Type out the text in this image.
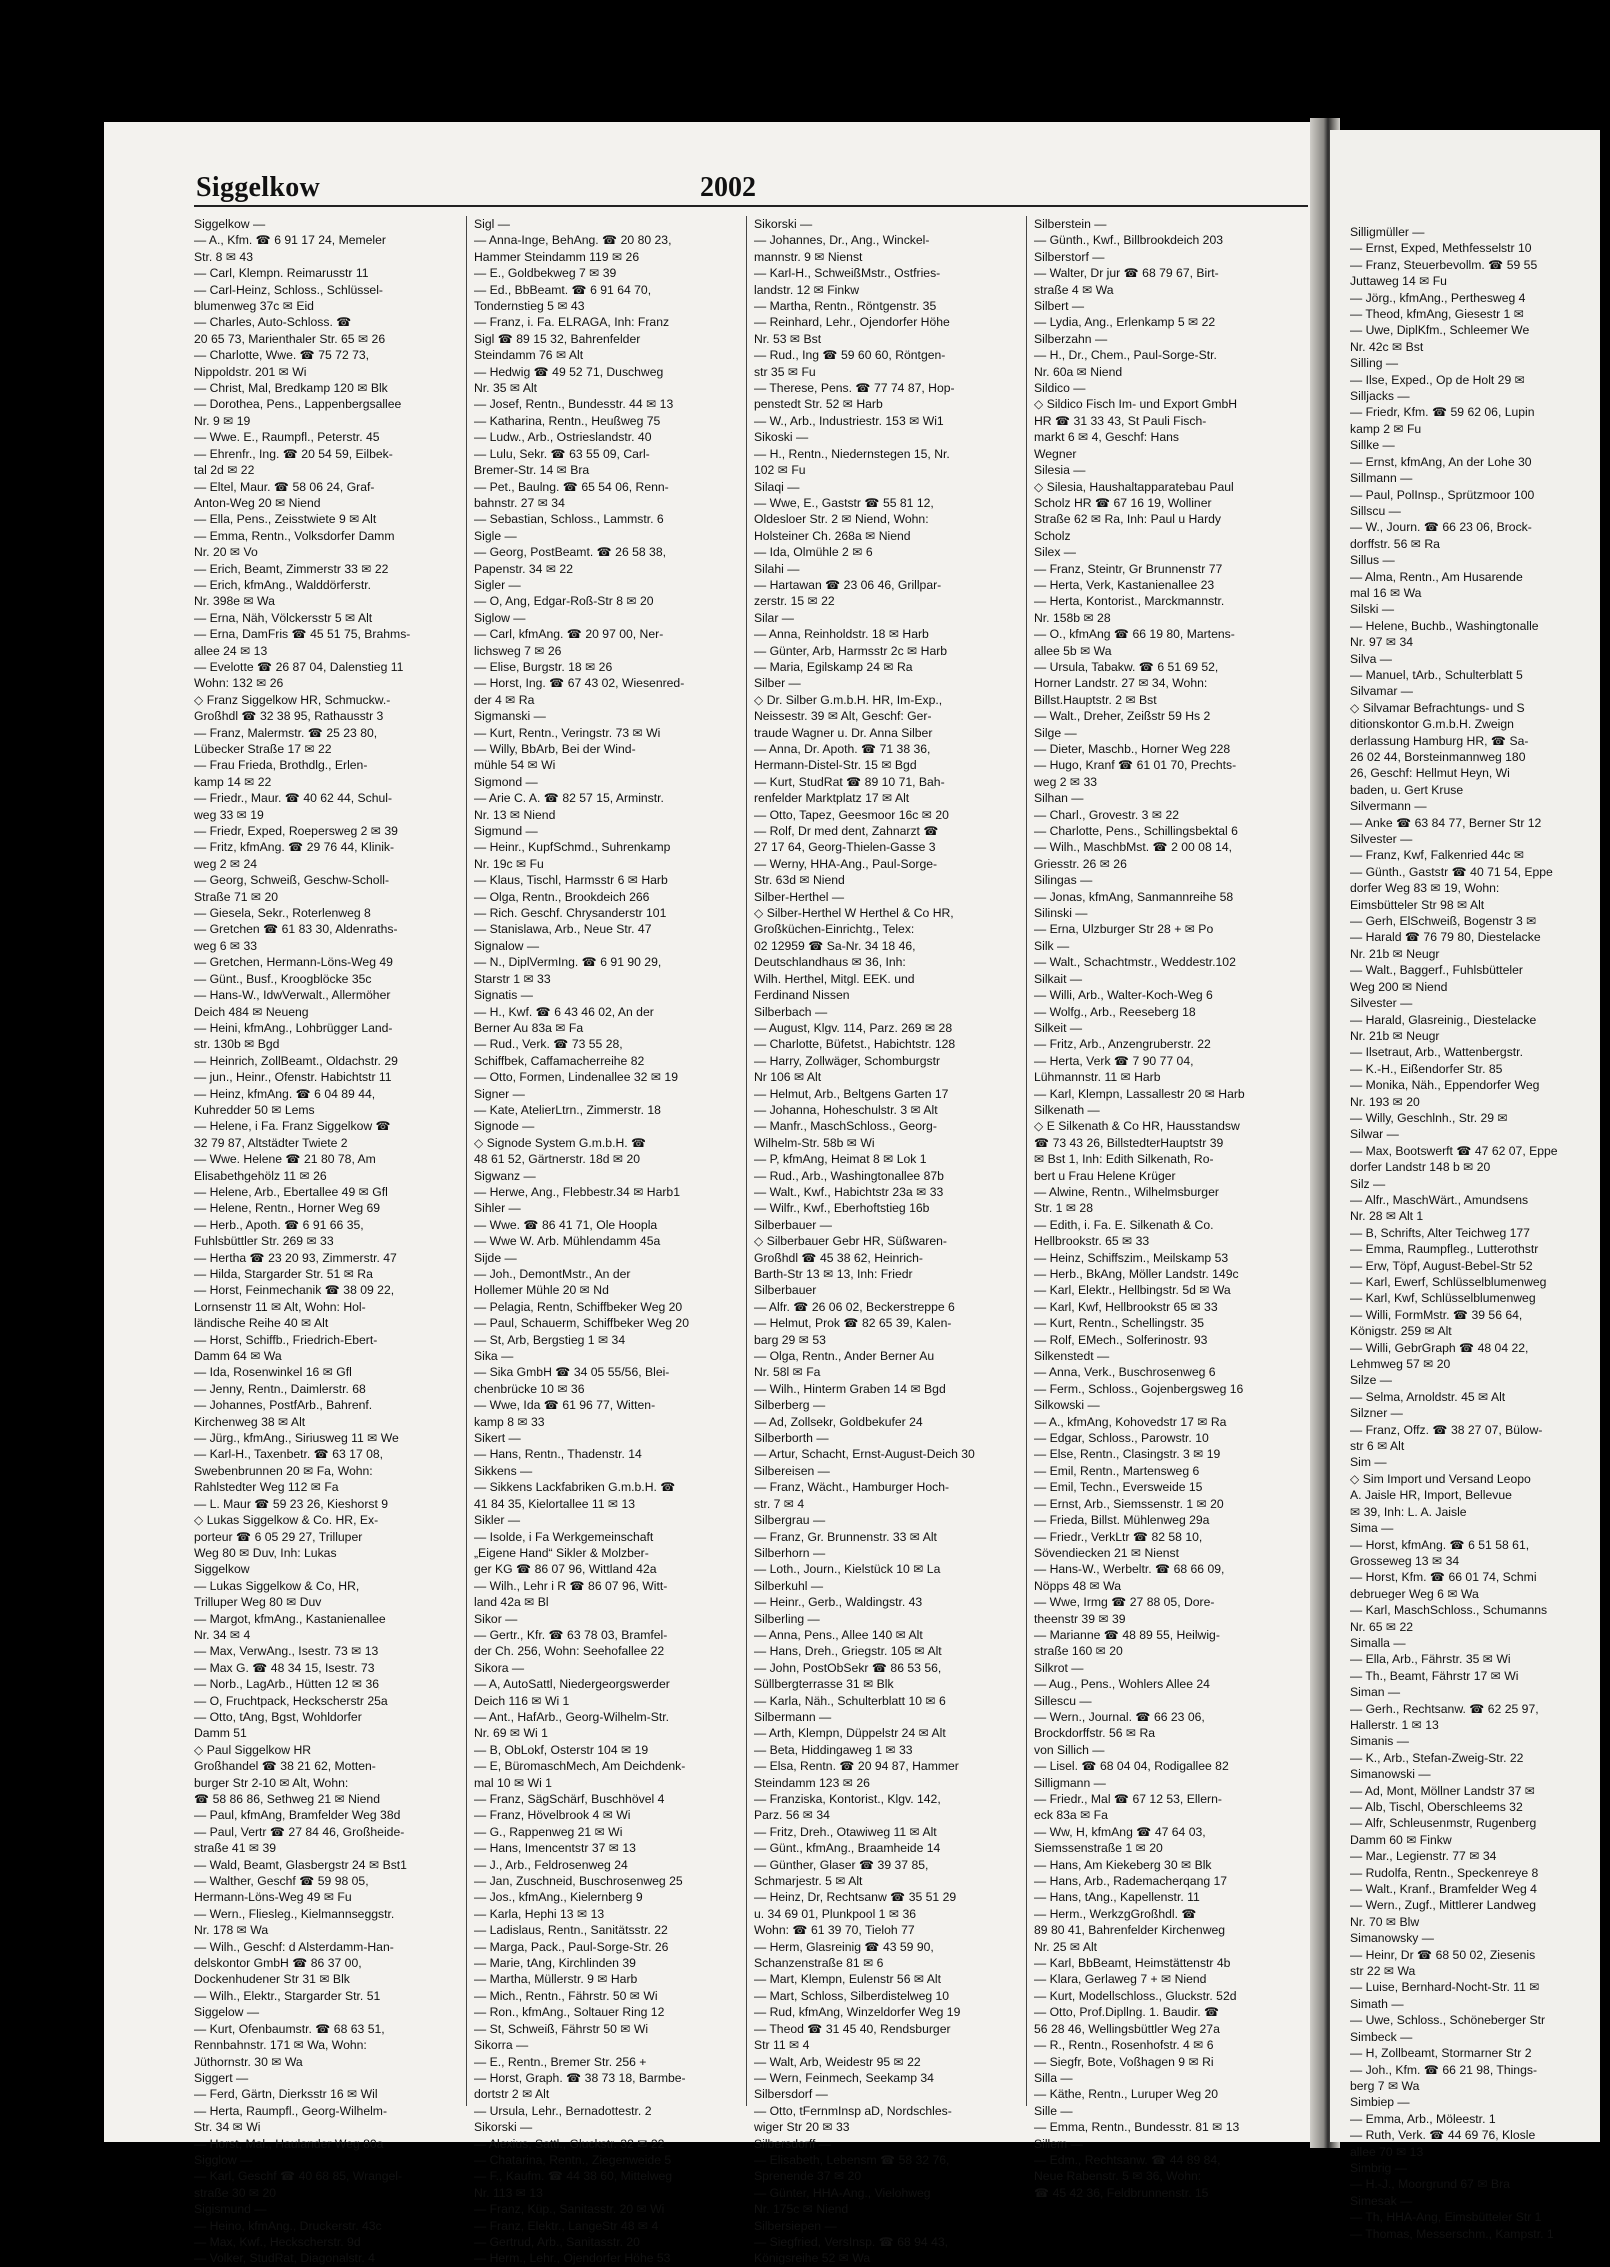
Silligmüller —
— Ernst, Exped, Methfesselstr 10
— Franz, Steuerbevollm. ☎ 59 55
Juttaweg 14 ✉ Fu
— Jörg., kfmAng., Perthesweg 4
— Theod, kfmAng, Giesestr 1 ✉
— Uwe, DiplKfm., Schleemer We
Nr. 42c ✉ Bst
Silling —
— Ilse, Exped., Op de Holt 29 ✉
Silljacks —
— Friedr, Kfm. ☎ 59 62 06, Lupin
kamp 2 ✉ Fu
Sillke —
— Ernst, kfmAng, An der Lohe 30
Sillmann —
— Paul, PolInsp., Sprützmoor 100
Sillscu —
— W., Journ. ☎ 66 23 06, Brock-
dorffstr. 56 ✉ Ra
Sillus —
— Alma, Rentn., Am Husarende
mal 16 ✉ Wa
Silski —
— Helene, Buchb., Washingtonalle
Nr. 97 ✉ 34
Silva —
— Manuel, tArb., Schulterblatt 5
Silvamar —
◇ Silvamar Befrachtungs- und S
ditionskontor G.m.b.H. Zweign
derlassung Hamburg HR, ☎ Sa-
26 02 44, Borsteinmannweg 180
26, Geschf: Hellmut Heyn, Wi
baden, u. Gert Kruse
Silvermann —
— Anke ☎ 63 84 77, Berner Str 12
Silvester —
— Franz, Kwf, Falkenried 44c ✉
— Günth., Gaststr ☎ 40 71 54, Eppe
dorfer Weg 83 ✉ 19, Wohn:
Eimsbütteler Str 98 ✉ Alt
— Gerh, ElSchweiß, Bogenstr 3 ✉
— Harald ☎ 76 79 80, Diestelacke
Nr. 21b ✉ Neugr
— Walt., Baggerf., Fuhlsbütteler
Weg 200 ✉ Niend
Silvester —
— Harald, Glasreinig., Diestelacke
Nr. 21b ✉ Neugr
— Ilsetraut, Arb., Wattenbergstr.
— K.-H., Eißendorfer Str. 85
— Monika, Näh., Eppendorfer Weg
Nr. 193 ✉ 20
— Willy, Geschlnh., Str. 29 ✉
Silwar —
— Max, Bootswerft ☎ 47 62 07, Eppe
dorfer Landstr 148 b ✉ 20
Silz —
— Alfr., MaschWärt., Amundsens
Nr. 28 ✉ Alt 1
— B, Schrifts, Alter Teichweg 177
— Emma, Raumpfleg., Lutterothstr
— Erw, Töpf, August-Bebel-Str 52
— Karl, Ewerf, Schlüsselblumenweg
— Karl, Kwf, Schlüsselblumenweg
— Willi, FormMstr. ☎ 39 56 64,
Königstr. 259 ✉ Alt
— Willi, GebrGraph ☎ 48 04 22,
Lehmweg 57 ✉ 20
Silze —
— Selma, Arnoldstr. 45 ✉ Alt
Silzner —
— Franz, Offz. ☎ 38 27 07, Bülow-
str 6 ✉ Alt
Sim —
◇ Sim Import und Versand Leopo
A. Jaisle HR, Import, Bellevue
✉ 39, Inh: L. A. Jaisle
Sima —
— Horst, kfmAng. ☎ 6 51 58 61,
Grosseweg 13 ✉ 34
— Horst, Kfm. ☎ 66 01 74, Schmi
debrueger Weg 6 ✉ Wa
— Karl, MaschSchloss., Schumanns
Nr. 65 ✉ 22
Simalla —
— Ella, Arb., Fährstr. 35 ✉ Wi
— Th., Beamt, Fährstr 17 ✉ Wi
Siman —
— Gerh., Rechtsanw. ☎ 62 25 97,
Hallerstr. 1 ✉ 13
Simanis —
— K., Arb., Stefan-Zweig-Str. 22
Simanowski —
— Ad, Mont, Möllner Landstr 37 ✉
— Alb, Tischl, Oberschleems 32
— Alfr, Schleusenmstr, Rugenberg
Damm 60 ✉ Finkw
— Mar., Legienstr. 77 ✉ 34
— Rudolfa, Rentn., Speckenreye 8
— Walt., Kranf., Bramfelder Weg 4
— Wern., Zugf., Mittlerer Landweg
Nr. 70 ✉ Blw
Simanowsky —
— Heinr, Dr ☎ 68 50 02, Ziesenis
str 22 ✉ Wa
— Luise, Bernhard-Nocht-Str. 11 ✉
Simath —
— Uwe, Schloss., Schöneberger Str
Simbeck —
— H, Zollbeamt, Stormarner Str 2
— Joh., Kfm. ☎ 66 21 98, Things-
berg 7 ✉ Wa
Simbiep —
— Emma, Arb., Möleestr. 1
— Ruth, Verk. ☎ 44 69 76, Klosle
allee 70 ✉ 13
Simbrig —
— H.-J., Moorgrund 67 ✉ Bra
Simesak —
— Th, HHA-Ang, Eimsbütteler Str 1
— Thomas, Messerschm., Kampstr. 1
Siggelkow	2002
Siggelkow —
— A., Kfm. ☎ 6 91 17 24, Memeler
Str. 8 ✉ 43
— Carl, Klempn. Reimarusstr 11
— Carl-Heinz, Schloss., Schlüssel-
blumenweg 37c ✉ Eid
— Charles, Auto-Schloss. ☎
20 65 73, Marienthaler Str. 65 ✉ 26
— Charlotte, Wwe. ☎ 75 72 73,
Nippoldstr. 201 ✉ Wi
— Christ, Mal, Bredkamp 120 ✉ Blk
— Dorothea, Pens., Lappenbergsallee
Nr. 9 ✉ 19
— Wwe. E., Raumpfl., Peterstr. 45
— Ehrenfr., Ing. ☎ 20 54 59, Eilbek-
tal 2d ✉ 22
— Eltel, Maur. ☎ 58 06 24, Graf-
Anton-Weg 20 ✉ Niend
— Ella, Pens., Zeisstwiete 9 ✉ Alt
— Emma, Rentn., Volksdorfer Damm
Nr. 20 ✉ Vo
— Erich, Beamt, Zimmerstr 33 ✉ 22
— Erich, kfmAng., Walddörferstr.
Nr. 398e ✉ Wa
— Erna, Näh, Völckersstr 5 ✉ Alt
— Erna, DamFris ☎ 45 51 75, Brahms-
allee 24 ✉ 13
— Evelotte ☎ 26 87 04, Dalenstieg 11
Wohn: 132 ✉ 26
◇ Franz Siggelkow HR, Schmuckw.-
Großhdl ☎ 32 38 95, Rathausstr 3
— Franz, Malermstr. ☎ 25 23 80,
Lübecker Straße 17 ✉ 22
— Frau Frieda, Brothdlg., Erlen-
kamp 14 ✉ 22
— Friedr., Maur. ☎ 40 62 44, Schul-
weg 33 ✉ 19
— Friedr, Exped, Roepersweg 2 ✉ 39
— Fritz, kfmAng. ☎ 29 76 44, Klinik-
weg 2 ✉ 24
— Georg, Schweiß, Geschw-Scholl-
Straße 71 ✉ 20
— Giesela, Sekr., Roterlenweg 8
— Gretchen ☎ 61 83 30, Aldenraths-
weg 6 ✉ 33
— Gretchen, Hermann-Löns-Weg 49
— Günt., Busf., Kroogblöcke 35c
— Hans-W., IdwVerwalt., Allermöher
Deich 484 ✉ Neueng
— Heini, kfmAng., Lohbrügger Land-
str. 130b ✉ Bgd
— Heinrich, ZollBeamt., Oldachstr. 29
— jun., Heinr., Ofenstr. Habichtstr 11
— Heinz, kfmAng. ☎ 6 04 89 44,
Kuhredder 50 ✉ Lems
— Helene, i Fa. Franz Siggelkow ☎
32 79 87, Altstädter Twiete 2
— Wwe. Helene ☎ 21 80 78, Am
Elisabethgehölz 11 ✉ 26
— Helene, Arb., Ebertallee 49 ✉ Gfl
— Helene, Rentn., Horner Weg 69
— Herb., Apoth. ☎ 6 91 66 35,
Fuhlsbüttler Str. 269 ✉ 33
— Hertha ☎ 23 20 93, Zimmerstr. 47
— Hilda, Stargarder Str. 51 ✉ Ra
— Horst, Feinmechanik ☎ 38 09 22,
Lornsenstr 11 ✉ Alt, Wohn: Hol-
ländische Reihe 40 ✉ Alt
— Horst, Schiffb., Friedrich-Ebert-
Damm 64 ✉ Wa
— Ida, Rosenwinkel 16 ✉ Gfl
— Jenny, Rentn., Daimlerstr. 68
— Johannes, PostfArb., Bahrenf.
Kirchenweg 38 ✉ Alt
— Jürg., kfmAng., Siriusweg 11 ✉ We
— Karl-H., Taxenbetr. ☎ 63 17 08,
Swebenbrunnen 20 ✉ Fa, Wohn:
Rahlstedter Weg 112 ✉ Fa
— L. Maur ☎ 59 23 26, Kieshorst 9
◇ Lukas Siggelkow & Co. HR, Ex-
porteur ☎ 6 05 29 27, Trilluper
Weg 80 ✉ Duv, Inh: Lukas
Siggelkow
— Lukas Siggelkow & Co, HR,
Trilluper Weg 80 ✉ Duv
— Margot, kfmAng., Kastanienallee
Nr. 34 ✉ 4
— Max, VerwAng., Isestr. 73 ✉ 13
— Max G. ☎ 48 34 15, Isestr. 73
— Norb., LagArb., Hütten 12 ✉ 36
— O, Fruchtpack, Heckscherstr 25a
— Otto, tAng, Bgst, Wohldorfer
Damm 51
◇ Paul Siggelkow HR
Großhandel ☎ 38 21 62, Motten-
burger Str 2-10 ✉ Alt, Wohn:
☎ 58 86 86, Sethweg 21 ✉ Niend
— Paul, kfmAng, Bramfelder Weg 38d
— Paul, Vertr ☎ 27 84 46, Großheide-
straße 41 ✉ 39
— Wald, Beamt, Glasbergstr 24 ✉ Bst1
— Walther, Geschf ☎ 59 98 05,
Hermann-Löns-Weg 49 ✉ Fu
— Wern., Fliesleg., Kielmannseggstr.
Nr. 178 ✉ Wa
— Wilh., Geschf: d Alsterdamm-Han-
delskontor GmbH ☎ 86 37 00,
Dockenhudener Str 31 ✉ Blk
— Wilh., Elektr., Stargarder Str. 51
Siggelow —
— Kurt, Ofenbaumstr. ☎ 68 63 51,
Rennbahnstr. 171 ✉ Wa, Wohn:
Jüthornstr. 30 ✉ Wa
Siggert —
— Ferd, Gärtn, Dierksstr 16 ✉ Wil
— Herta, Raumpfl., Georg-Wilhelm-
Str. 34 ✉ Wi
— Horst, Mal., Haulander Weg 80a
Sigglow —
— Karl, Geschf ☎ 40 68 85, Wrangel-
straße 30 ✉ 20
Sigismund —
— Heino, kfmAng., Druckerstr. 43c
— Max, Kwf., Heckscherstr. 9d
— Volker, StudRat, Diagonalstr. 4
Sigl —
— Anna-Inge, BehAng. ☎ 20 80 23,
Hammer Steindamm 119 ✉ 26
— E., Goldbekweg 7 ✉ 39
— Ed., BbBeamt. ☎ 6 91 64 70,
Tondernstieg 5 ✉ 43
— Franz, i. Fa. ELRAGA, Inh: Franz
Sigl ☎ 89 15 32, Bahrenfelder
Steindamm 76 ✉ Alt
— Hedwig ☎ 49 52 71, Duschweg
Nr. 35 ✉ Alt
— Josef, Rentn., Bundesstr. 44 ✉ 13
— Katharina, Rentn., Heußweg 75
— Ludw., Arb., Ostrieslandstr. 40
— Lulu, Sekr. ☎ 63 55 09, Carl-
Bremer-Str. 14 ✉ Bra
— Pet., Baulng. ☎ 65 54 06, Renn-
bahnstr. 27 ✉ 34
— Sebastian, Schloss., Lammstr. 6
Sigle —
— Georg, PostBeamt. ☎ 26 58 38,
Papenstr. 34 ✉ 22
Sigler —
— O, Ang, Edgar-Roß-Str 8 ✉ 20
Siglow —
— Carl, kfmAng. ☎ 20 97 00, Ner-
lichsweg 7 ✉ 26
— Elise, Burgstr. 18 ✉ 26
— Horst, Ing. ☎ 67 43 02, Wiesenred-
der 4 ✉ Ra
Sigmanski —
— Kurt, Rentn., Veringstr. 73 ✉ Wi
— Willy, BbArb, Bei der Wind-
mühle 54 ✉ Wi
Sigmond —
— Arie C. A. ☎ 82 57 15, Arminstr.
Nr. 13 ✉ Niend
Sigmund —
— Heinr., KupfSchmd., Suhrenkamp
Nr. 19c ✉ Fu
— Klaus, Tischl, Harmsstr 6 ✉ Harb
— Olga, Rentn., Brookdeich 266
— Rich. Geschf. Chrysanderstr 101
— Stanislawa, Arb., Neue Str. 47
Signalow —
— N., DiplVermIng. ☎ 6 91 90 29,
Starstr 1 ✉ 33
Signatis —
— H., Kwf. ☎ 6 43 46 02, An der
Berner Au 83a ✉ Fa
— Rud., Verk. ☎ 73 55 28,
Schiffbek, Caffamacherreihe 82
— Otto, Formen, Lindenallee 32 ✉ 19
Signer —
— Kate, AtelierLtrn., Zimmerstr. 18
Signode —
◇ Signode System G.m.b.H. ☎
48 61 52, Gärtnerstr. 18d ✉ 20
Sigwanz —
— Herwe, Ang., Flebbestr.34 ✉ Harb1
Sihler —
— Wwe. ☎ 86 41 71, Ole Hoopla
— Wwe W. Arb. Mühlendamm 45a
Sijde —
— Joh., DemontMstr., An der
Hollemer Mühle 20 ✉ Nd
— Pelagia, Rentn, Schiffbeker Weg 20
— Paul, Schauerm, Schiffbeker Weg 20
— St, Arb, Bergstieg 1 ✉ 34
Sika —
— Sika GmbH ☎ 34 05 55/56, Blei-
chenbrücke 10 ✉ 36
— Wwe, Ida ☎ 61 96 77, Witten-
kamp 8 ✉ 33
Sikert —
— Hans, Rentn., Thadenstr. 14
Sikkens —
— Sikkens Lackfabriken G.m.b.H. ☎
41 84 35, Kielortallee 11 ✉ 13
Sikler —
— Isolde, i Fa Werkgemeinschaft
„Eigene Hand“ Sikler & Molzber-
ger KG ☎ 86 07 96, Wittland 42a
— Wilh., Lehr i R ☎ 86 07 96, Witt-
land 42a ✉ Bl
Sikor —
— Gertr., Kfr. ☎ 63 78 03, Bramfel-
der Ch. 256, Wohn: Seehofallee 22
Sikora —
— A, AutoSattl, Niedergeorgswerder
Deich 116 ✉ Wi 1
— Ant., HafArb., Georg-Wilhelm-Str.
Nr. 69 ✉ Wi 1
— B, ObLokf, Osterstr 104 ✉ 19
— E, BüromaschMech, Am Deichdenk-
mal 10 ✉ Wi 1
— Franz, SägSchärf, Buschhövel 4
— Franz, Hövelbrook 4 ✉ Wi
— G., Rappenweg 21 ✉ Wi
— Hans, Imencentstr 37 ✉ 13
— J., Arb., Feldrosenweg 24
— Jan, Zuschneid, Buschrosenweg 25
— Jos., kfmAng., Kielernberg 9
— Karla, Hephi 13 ✉ 13
— Ladislaus, Rentn., Sanitätsstr. 22
— Marga, Pack., Paul-Sorge-Str. 26
— Marie, tAng, Kirchlinden 39
— Martha, Müllerstr. 9 ✉ Harb
— Mich., Rentn., Fährstr. 50 ✉ Wi
— Ron., kfmAng., Soltauer Ring 12
— St, Schweiß, Fährstr 50 ✉ Wi
Sikorra —
— E., Rentn., Bremer Str. 256 +
— Horst, Graph. ☎ 38 73 18, Barmbe-
dortstr 2 ✉ Alt
— Ursula, Lehr., Bernadottestr. 2
Sikorski —
— Alexius, Sattl., Gluckstr. 32 ✉ 22
— Chatarina, Rentn., Ziegenweide 5
— F., Kaufm. ☎ 44 38 60, Mittelweg
Nr. 113 ✉ 13
— Franz, Küp., Sanitasstr. 20 ✉ Wi
— Franz, Elektr., LangeStr 48 ✉ 4
— Gertrud, Arb., Sanitasstr. 20
— Herm., Lehr., Ojendorfer Höhe 53
Sikorski —
— Johannes, Dr., Ang., Winckel-
mannstr. 9 ✉ Nienst
— Karl-H., SchweißMstr., Ostfries-
landstr. 12 ✉ Finkw
— Martha, Rentn., Röntgenstr. 35
— Reinhard, Lehr., Ojendorfer Höhe
Nr. 53 ✉ Bst
— Rud., Ing ☎ 59 60 60, Röntgen-
str 35 ✉ Fu
— Therese, Pens. ☎ 77 74 87, Hop-
penstedt Str. 52 ✉ Harb
— W., Arb., Industriestr. 153 ✉ Wi1
Sikoski —
— H., Rentn., Niedernstegen 15, Nr.
102 ✉ Fu
Silaqi —
— Wwe, E., Gaststr ☎ 55 81 12,
Oldesloer Str. 2 ✉ Niend, Wohn:
Holsteiner Ch. 268a ✉ Niend
— Ida, Olmühle 2 ✉ 6
Silahi —
— Hartawan ☎ 23 06 46, Grillpar-
zerstr. 15 ✉ 22
Silar —
— Anna, Reinholdstr. 18 ✉ Harb
— Günter, Arb, Harmsstr 2c ✉ Harb
— Maria, Egilskamp 24 ✉ Ra
Silber —
◇ Dr. Silber G.m.b.H. HR, Im-Exp.,
Neissestr. 39 ✉ Alt, Geschf: Ger-
traude Wagner u. Dr. Anna Silber
— Anna, Dr. Apoth. ☎ 71 38 36,
Hermann-Distel-Str. 15 ✉ Bgd
— Kurt, StudRat ☎ 89 10 71, Bah-
renfelder Marktplatz 17 ✉ Alt
— Otto, Tapez, Geesmoor 16c ✉ 20
— Rolf, Dr med dent, Zahnarzt ☎
27 17 64, Georg-Thielen-Gasse 3
— Werny, HHA-Ang., Paul-Sorge-
Str. 63d ✉ Niend
Silber-Herthel —
◇ Silber-Herthel W Herthel & Co HR,
Großküchen-Einrichtg., Telex:
02 12959 ☎ Sa-Nr. 34 18 46,
Deutschlandhaus ✉ 36, Inh:
Wilh. Herthel, Mitgl. EEK. und
Ferdinand Nissen
Silberbach —
— August, Klgv. 114, Parz. 269 ✉ 28
— Charlotte, Büfetst., Habichtstr. 128
— Harry, Zollwäger, Schomburgstr
Nr 106 ✉ Alt
— Helmut, Arb., Beltgens Garten 17
— Johanna, Hoheschulstr. 3 ✉ Alt
— Manfr., MaschSchloss., Georg-
Wilhelm-Str. 58b ✉ Wi
— P, kfmAng, Heimat 8 ✉ Lok 1
— Rud., Arb., Washingtonallee 87b
— Walt., Kwf., Habichtstr 23a ✉ 33
— Wilfr., Kwf., Eberhoftstieg 16b
Silberbauer —
◇ Silberbauer Gebr HR, Süßwaren-
Großhdl ☎ 45 38 62, Heinrich-
Barth-Str 13 ✉ 13, Inh: Friedr
Silberbauer
— Alfr. ☎ 26 06 02, Beckerstreppe 6
— Helmut, Prok ☎ 82 65 39, Kalen-
barg 29 ✉ 53
— Olga, Rentn., Ander Berner Au
Nr. 58l ✉ Fa
— Wilh., Hinterm Graben 14 ✉ Bgd
Silberberg —
— Ad, Zollsekr, Goldbekufer 24
Silberborth —
— Artur, Schacht, Ernst-August-Deich 30
Silbereisen —
— Franz, Wächt., Hamburger Hoch-
str. 7 ✉ 4
Silbergrau —
— Franz, Gr. Brunnenstr. 33 ✉ Alt
Silberhorn —
— Loth., Journ., Kielstück 10 ✉ La
Silberkuhl —
— Heinr., Gerb., Waldingstr. 43
Silberling —
— Anna, Pens., Allee 140 ✉ Alt
— Hans, Dreh., Griegstr. 105 ✉ Alt
— John, PostObSekr ☎ 86 53 56,
Süllbergterrasse 31 ✉ Blk
— Karla, Näh., Schulterblatt 10 ✉ 6
Silbermann —
— Arth, Klempn, Düppelstr 24 ✉ Alt
— Beta, Hiddingaweg 1 ✉ 33
— Elsa, Rentn. ☎ 20 94 87, Hammer
Steindamm 123 ✉ 26
— Franziska, Kontorist., Klgv. 142,
Parz. 56 ✉ 34
— Fritz, Dreh., Otawiweg 11 ✉ Alt
— Günt., kfmAng., Braamheide 14
— Günther, Glaser ☎ 39 37 85,
Schmarjestr. 5 ✉ Alt
— Heinz, Dr, Rechtsanw ☎ 35 51 29
u. 34 69 01, Plunkpool 1 ✉ 36
Wohn: ☎ 61 39 70, Tieloh 77
— Herm, Glasreinig ☎ 43 59 90,
Schanzenstraße 81 ✉ 6
— Mart, Klempn, Eulenstr 56 ✉ Alt
— Mart, Schloss, Silberdistelweg 10
— Rud, kfmAng, Winzeldorfer Weg 19
— Theod ☎ 31 45 40, Rendsburger
Str 11 ✉ 4
— Walt, Arb, Weidestr 95 ✉ 22
— Wern, Feinmech, Seekamp 34
Silbersdorf —
— Otto, tFernmInsp aD, Nordschles-
wiger Str 20 ✉ 33
Silbersdorff —
— Elisabeth, Lebensm ☎ 58 32 76,
Sprenende 37 ✉ 20
— Günter, HHA-Ang., Vielohweg
Nr. 175c ✉ Niend
Silbersiepen —
— Siegfried, VersInsp. ☎ 68 94 43,
Königsreihe 52 ✉ Wa
Silberstein —
— Günth., Kwf., Billbrookdeich 203
Silberstorf —
— Walter, Dr jur ☎ 68 79 67, Birt-
straße 4 ✉ Wa
Silbert —
— Lydia, Ang., Erlenkamp 5 ✉ 22
Silberzahn —
— H., Dr., Chem., Paul-Sorge-Str.
Nr. 60a ✉ Niend
Sildico —
◇ Sildico Fisch Im- und Export GmbH
HR ☎ 31 33 43, St Pauli Fisch-
markt 6 ✉ 4, Geschf: Hans
Wegner
Silesia —
◇ Silesia, Haushaltapparatebau Paul
Scholz HR ☎ 67 16 19, Wolliner
Straße 62 ✉ Ra, Inh: Paul u Hardy
Scholz
Silex —
— Franz, Steintr, Gr Brunnenstr 77
— Herta, Verk, Kastanienallee 23
— Herta, Kontorist., Marckmannstr.
Nr. 158b ✉ 28
— O., kfmAng ☎ 66 19 80, Martens-
allee 5b ✉ Wa
— Ursula, Tabakw. ☎ 6 51 69 52,
Horner Landstr. 27 ✉ 34, Wohn:
Billst.Hauptstr. 2 ✉ Bst
— Walt., Dreher, Zeißstr 59 Hs 2
Silge —
— Dieter, Maschb., Horner Weg 228
— Hugo, Kranf ☎ 61 01 70, Prechts-
weg 2 ✉ 33
Silhan —
— Charl., Grovestr. 3 ✉ 22
— Charlotte, Pens., Schillingsbektal 6
— Wilh., MaschbMst. ☎ 2 00 08 14,
Griesstr. 26 ✉ 26
Silingas —
— Jonas, kfmAng, Sanmannreihe 58
Silinski —
— Erna, Ulzburger Str 28 + ✉ Po
Silk —
— Walt., Schachtmstr., Weddestr.102
Silkait —
— Willi, Arb., Walter-Koch-Weg 6
— Wolfg., Arb., Reeseberg 18
Silkeit —
— Fritz, Arb., Anzengruberstr. 22
— Herta, Verk ☎ 7 90 77 04,
Lühmannstr. 11 ✉ Harb
— Karl, Klempn, Lassallestr 20 ✉ Harb
Silkenath —
◇ E Silkenath & Co HR, Hausstandsw
☎ 73 43 26, BillstedterHauptstr 39
✉ Bst 1, Inh: Edith Silkenath, Ro-
bert u Frau Helene Krüger
— Alwine, Rentn., Wilhelmsburger
Str. 1 ✉ 28
— Edith, i. Fa. E. Silkenath & Co.
Hellbrookstr. 65 ✉ 33
— Heinz, Schiffszim., Meilskamp 53
— Herb., BkAng, Möller Landstr. 149c
— Karl, Elektr., Hellbingstr. 5d ✉ Wa
— Karl, Kwf, Hellbrookstr 65 ✉ 33
— Kurt, Rentn., Schellingstr. 35
— Rolf, EMech., Solferinostr. 93
Silkenstedt —
— Anna, Verk., Buschrosenweg 6
— Ferm., Schloss., Gojenbergsweg 16
Silkowski —
— A., kfmAng, Kohovedstr 17 ✉ Ra
— Edgar, Schloss., Parowstr. 10
— Else, Rentn., Clasingstr. 3 ✉ 19
— Emil, Rentn., Martensweg 6
— Emil, Techn., Eversweide 15
— Ernst, Arb., Siemssenstr. 1 ✉ 20
— Frieda, Billst. Mühlenweg 29a
— Friedr., VerkLtr ☎ 82 58 10,
Sövendiecken 21 ✉ Nienst
— Hans-W., Werbeltr. ☎ 68 66 09,
Nöpps 48 ✉ Wa
— Wwe, Irmg ☎ 27 88 05, Dore-
theenstr 39 ✉ 39
— Marianne ☎ 48 89 55, Heilwig-
straße 160 ✉ 20
Silkrot —
— Aug., Pens., Wohlers Allee 24
Sillescu —
— Wern., Journal. ☎ 66 23 06,
Brockdorffstr. 56 ✉ Ra
von Sillich —
— Lisel. ☎ 68 04 04, Rodigallee 82
Silligmann —
— Friedr., Mal ☎ 67 12 53, Ellern-
eck 83a ✉ Fa
— Ww, H, kfmAng ☎ 47 64 03,
Siemssenstraße 1 ✉ 20
— Hans, Am Kiekeberg 30 ✉ Blk
— Hans, Arb., Rademacherqang 17
— Hans, tAng., Kapellenstr. 11
— Herm., WerkzgGroßhdl. ☎
89 80 41, Bahrenfelder Kirchenweg
Nr. 25 ✉ Alt
— Karl, BbBeamt, Heimstättenstr 4b
— Klara, Gerlaweg 7 + ✉ Niend
— Kurt, Modellschloss., Gluckstr. 52d
— Otto, Prof.Dipllng. 1. Baudir. ☎
56 28 46, Wellingsbüttler Weg 27a
— R., Rentn., Rosenhofstr. 4 ✉ 6
— Siegfr, Bote, Voßhagen 9 ✉ Ri
Silla —
— Käthe, Rentn., Luruper Weg 20
Sille —
— Emma, Rentn., Bundesstr. 81 ✉ 13
Sillem —
— Edm., Rechtsanw. ☎ 44 89 84,
Neue Rabenstr. 5 ✉ 36, Wohn:
☎ 45 42 36, Feldbrunnenstr. 15
